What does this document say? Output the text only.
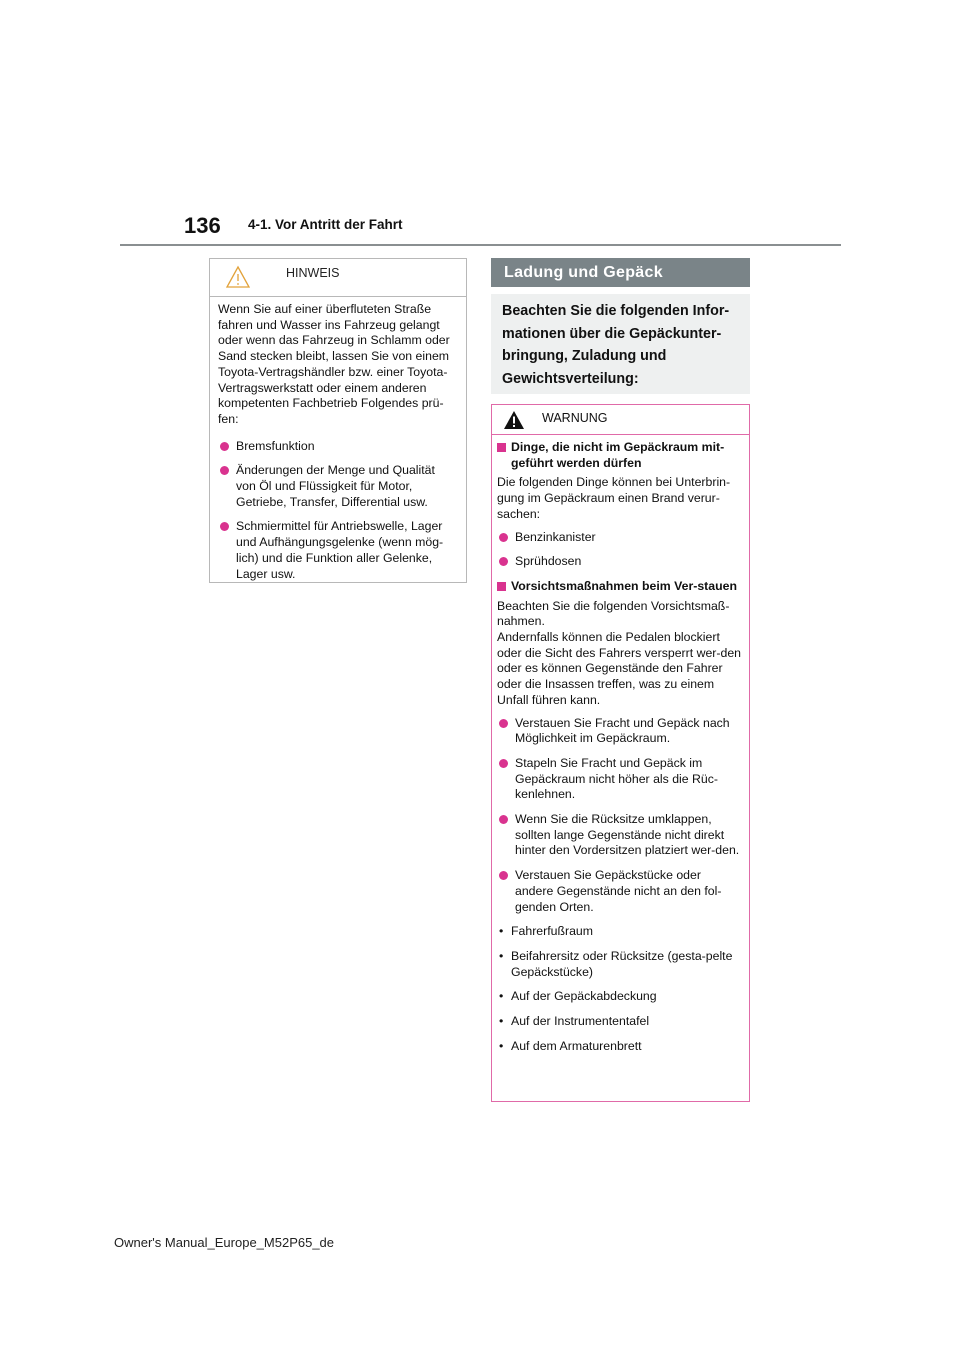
136 4-1. Vor Antritt der Fahrt
HINWEIS

Wenn Sie auf einer überfluteten Straße fahren und Wasser ins Fahrzeug gelangt oder wenn das Fahrzeug in Schlamm oder Sand stecken bleibt, lassen Sie von einem Toyota-Vertragshändler bzw. einer Toyota-Vertragswerkstatt oder einem anderen kompetenten Fachbetrieb Folgendes prü-fen:

Bremsfunktion
Änderungen der Menge und Qualität von Öl und Flüssigkeit für Motor, Getriebe, Transfer, Differential usw.
Schmiermittel für Antriebswelle, Lager und Aufhängungsgelenke (wenn mög-lich) und die Funktion aller Gelenke, Lager usw.
Ladung und Gepäck
Beachten Sie die folgenden Infor-mationen über die Gepäckunter-bringung, Zuladung und Gewichtsverteilung:
WARNUNG
Dinge, die nicht im Gepäckraum mit-geführt werden dürfen

Die folgenden Dinge können bei Unterbrin-gung im Gepäckraum einen Brand verur-sachen:

Benzinkanister
Sprühdosen
Vorsichtsmaßnahmen beim Ver-stauen

Beachten Sie die folgenden Vorsichtsmaß-nahmen.

Andernfalls können die Pedalen blockiert oder die Sicht des Fahrers versperrt wer-den oder es können Gegenstände den Fahrer oder die Insassen treffen, was zu einem Unfall führen kann.

Verstauen Sie Fracht und Gepäck nach Möglichkeit im Gepäckraum.
Stapeln Sie Fracht und Gepäck im Gepäckraum nicht höher als die Rüc-kenlehnen.
Wenn Sie die Rücksitze umklappen, sollten lange Gegenstände nicht direkt hinter den Vordersitzen platziert wer-den.
Verstauen Sie Gepäckstücke oder andere Gegenstände nicht an den fol-genden Orten.
• Fahrerfußraum
• Beifahrersitz oder Rücksitze (gesta-pelte Gepäckstücke)
• Auf der Gepäckabdeckung
• Auf der Instrumententafel
• Auf dem Armaturenbrett
Owner's Manual_Europe_M52P65_de
